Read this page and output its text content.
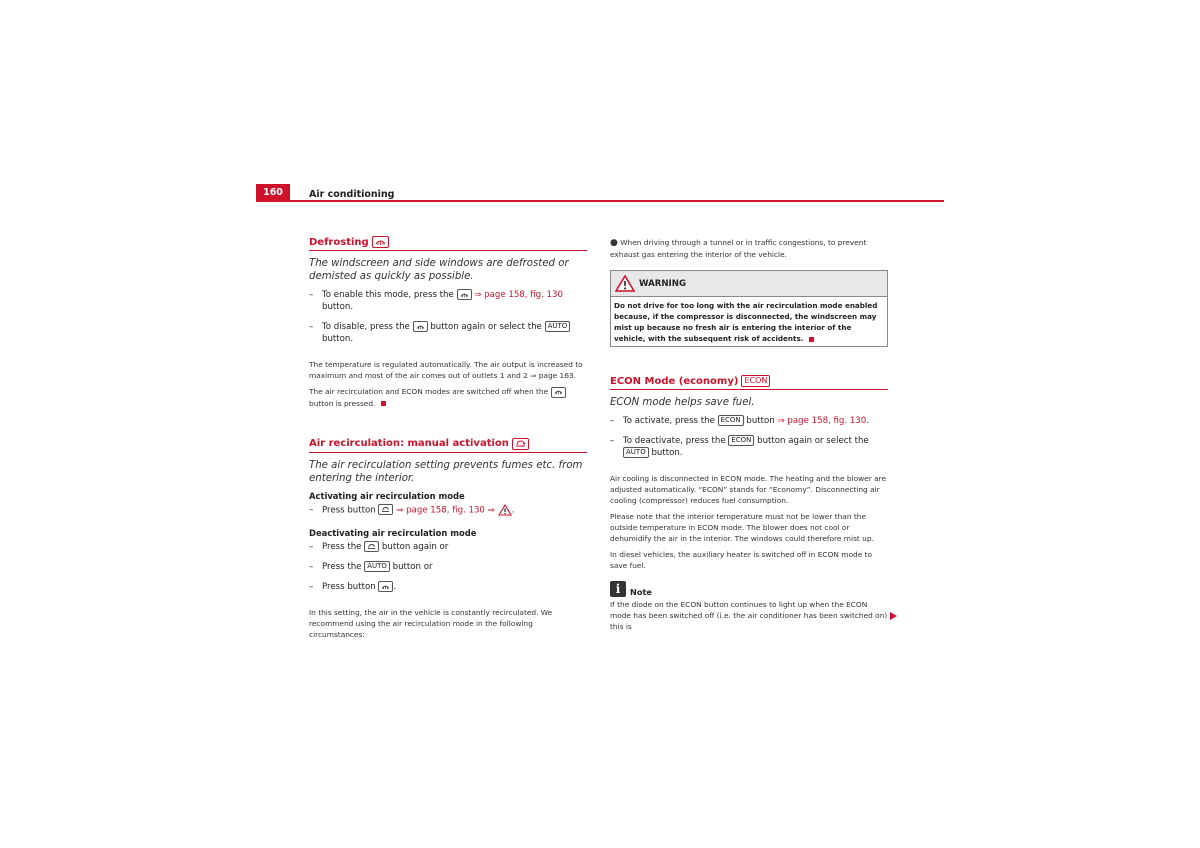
160	Air conditioning
Defrosting

The windscreen and side windows are defrosted or demisted as quickly as possible.

–	To enable this mode, press the ⇒ page 158, fig. 130 button.
–	To disable, press the button again or select the AUTO button.

The temperature is regulated automatically. The air output is increased to maximum and most of the air comes out of outlets 1 and 2 ⇒ page 163.

The air recirculation and ECON modes are switched off when the  button is pressed.

Air recirculation: manual activation

The air recirculation setting prevents fumes etc. from entering the interior.

Activating air recirculation mode

–	Press button ⇒ page 158, fig. 130 ⇒ .

Deactivating air recirculation mode

–	Press the button again or
–	Press the AUTO button or
–	Press button .

In this setting, the air in the vehicle is constantly recirculated. We recommend using the air recirculation mode in the following circumstances:

● When driving through a tunnel or in traffic congestions, to prevent exhaust gas entering the interior of the vehicle.

WARNING
Do not drive for too long with the air recirculation mode enabled because, if the compressor is disconnected, the windscreen may mist up because no fresh air is entering the interior of the vehicle, with the subsequent risk of accidents.
ECON Mode (economy) ECON

ECON mode helps save fuel.

–	To activate, press the ECON button ⇒ page 158, fig. 130.
–	To deactivate, press the ECON button again or select the AUTO button.

Air cooling is disconnected in ECON mode. The heating and the blower are adjusted automatically. “ECON” stands for “Economy”. Disconnecting air cooling (compressor) reduces fuel consumption.

Please note that the interior temperature must not be lower than the outside temperature in ECON mode. The blower does not cool or dehumidify the air in the interior. The windows could therefore mist up.

In diesel vehicles, the auxiliary heater is switched off in ECON mode to save fuel.

i	Note

If the diode on the ECON button continues to light up when the ECON mode has been switched off (i.e. the air conditioner has been switched on) this is
